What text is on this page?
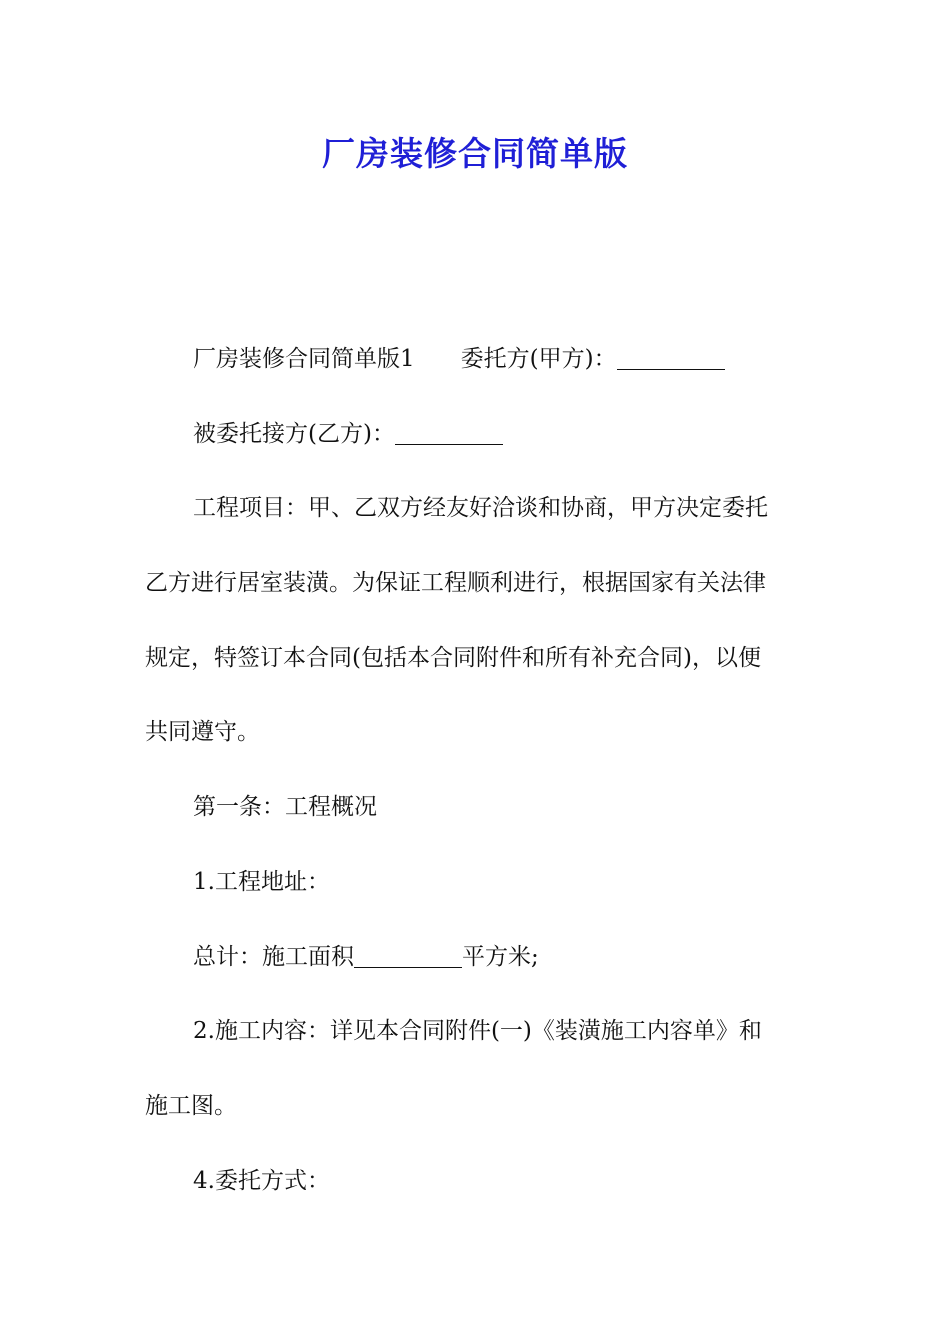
厂房装修合同简单版

厂房装修合同简单版1 委托方(甲方)：

被委托接方(乙方)：

工程项目：甲、乙双方经友好洽谈和协商，甲方决定委托

乙方进行居室装潢。为保证工程顺利进行，根据国家有关法律

规定，特签订本合同(包括本合同附件和所有补充合同)，以便

共同遵守。

第一条：工程概况

1.工程地址：

总计：施工面积	平方米;

2.施工内容：详见本合同附件(一)《装潢施工内容单》和

施工图。

4.委托方式：
